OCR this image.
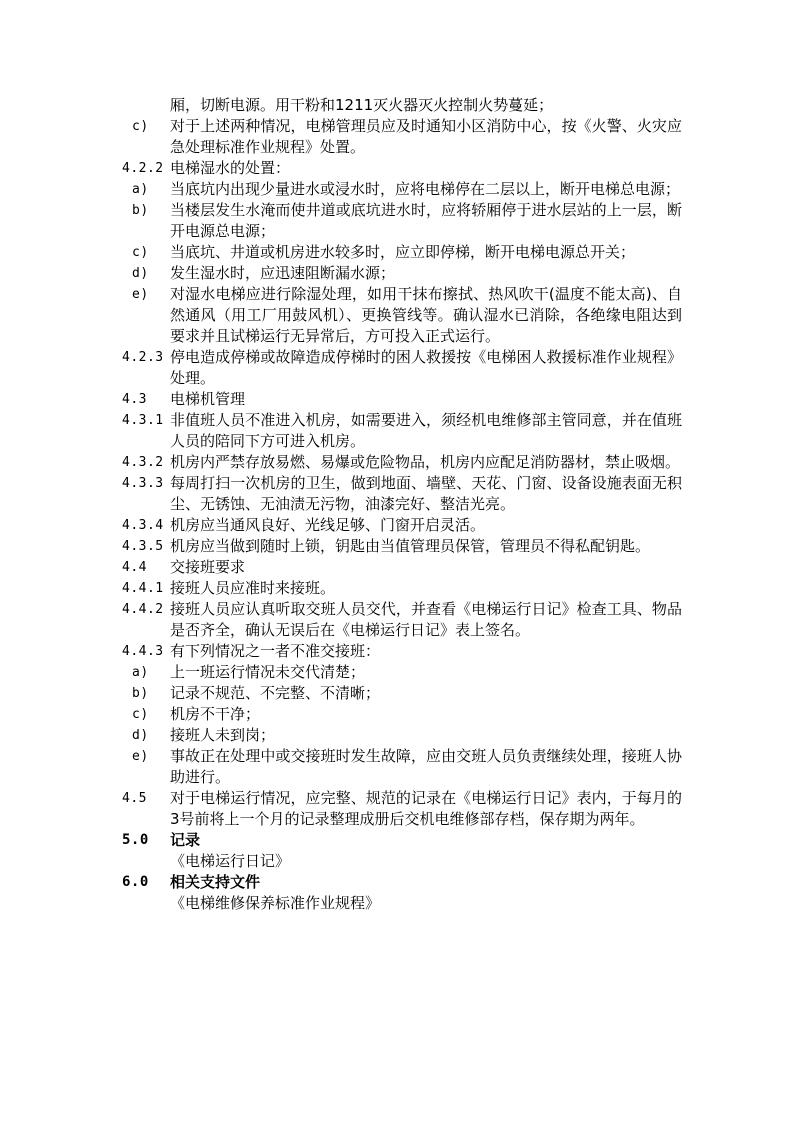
厢，切断电源。用干粉和1211灭火器灭火控制火势蔓延；
c)	对于上述两种情况，电梯管理员应及时通知小区消防中心，按《火警、火灾应急处理标准作业规程》处置。
4.2.2 电梯湿水的处置：
a)	当底坑内出现少量进水或浸水时，应将电梯停在二层以上，断开电梯总电源；
b)	当楼层发生水淹而使井道或底坑进水时，应将轿厢停于进水层站的上一层，断开电源总电源；
c)	当底坑、井道或机房进水较多时，应立即停梯，断开电梯电源总开关；
d)	发生湿水时，应迅速阻断漏水源；
e)	对湿水电梯应进行除湿处理，如用干抹布擦拭、热风吹干(温度不能太高)、自然通风（用工厂用鼓风机）、更换管线等。确认湿水已消除，各绝缘电阻达到要求并且试梯运行无异常后，方可投入正式运行。
4.2.3 停电造成停梯或故障造成停梯时的困人救援按《电梯困人救援标准作业规程》处理。
4.3	电梯机管理
4.3.1 非值班人员不准进入机房，如需要进入，须经机电维修部主管同意，并在值班人员的陪同下方可进入机房。
4.3.2 机房内严禁存放易燃、易爆或危险物品，机房内应配足消防器材，禁止吸烟。
4.3.3 每周打扫一次机房的卫生，做到地面、墙壁、天花、门窗、设备设施表面无积尘、无锈蚀、无油渍无污物，油漆完好、整洁光亮。
4.3.4 机房应当通风良好、光线足够、门窗开启灵活。
4.3.5 机房应当做到随时上锁，钥匙由当值管理员保管，管理员不得私配钥匙。
4.4	交接班要求
4.4.1 接班人员应准时来接班。
4.4.2 接班人员应认真听取交班人员交代，并查看《电梯运行日记》检查工具、物品是否齐全，确认无误后在《电梯运行日记》表上签名。
4.4.3 有下列情况之一者不准交接班：
a)	上一班运行情况未交代清楚；
b)	记录不规范、不完整、不清晰；
c)	机房不干净；
d)	接班人未到岗；
e)	事故正在处理中或交接班时发生故障，应由交班人员负责继续处理，接班人协助进行。
4.5	对于电梯运行情况，应完整、规范的记录在《电梯运行日记》表内，于每月的3号前将上一个月的记录整理成册后交机电维修部存档，保存期为两年。
5.0	记录
《电梯运行日记》
6.0	相关支持文件
《电梯维修保养标准作业规程》
